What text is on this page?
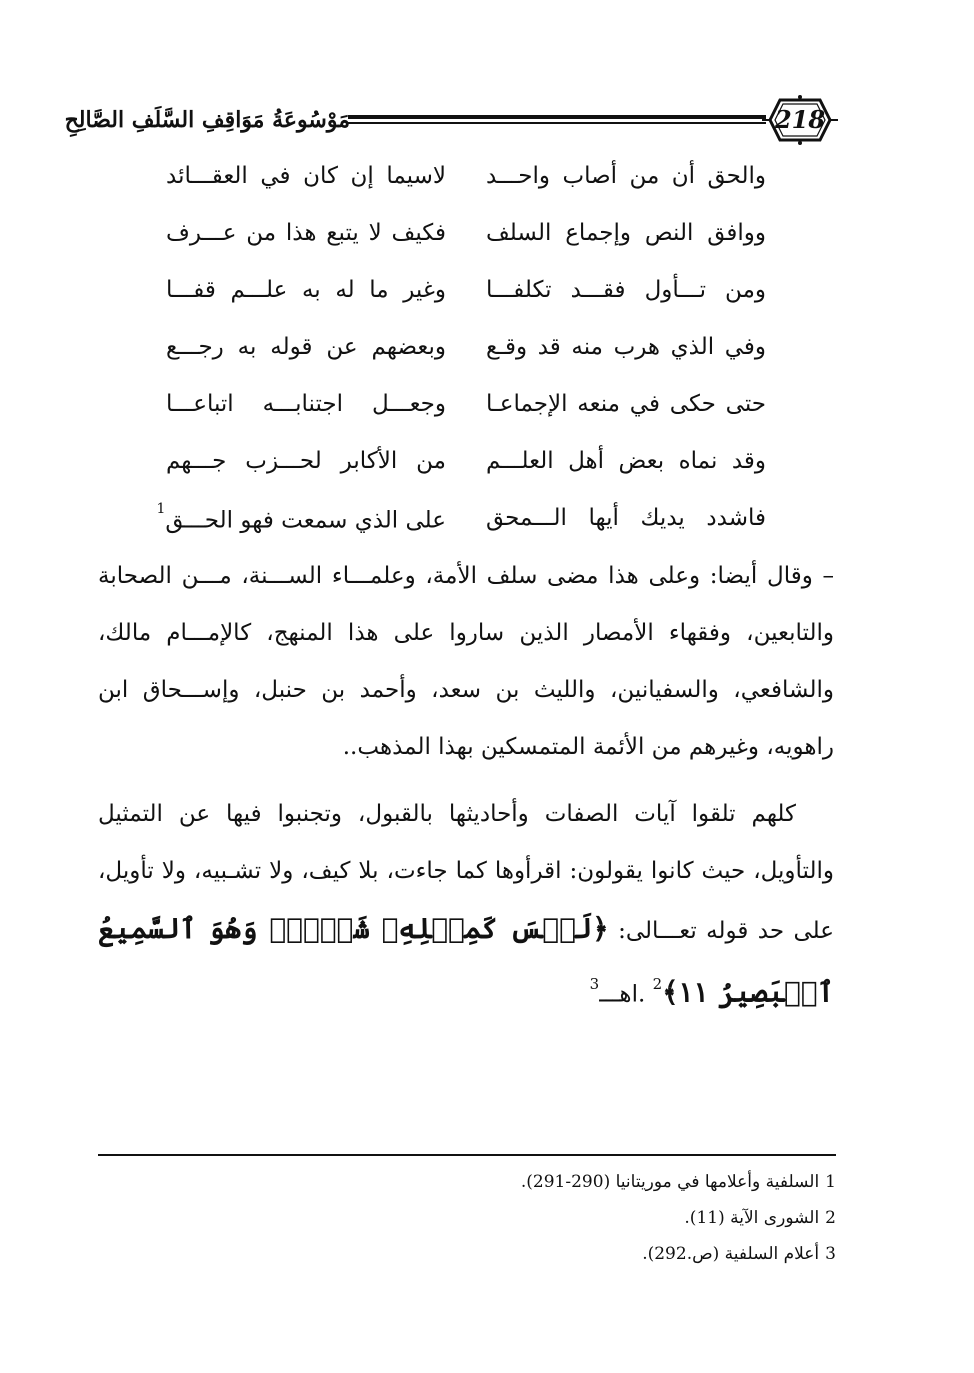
مَوْسُوعَةُ مَوَاقِفِ السَّلَفِ الصَّالِحِ	218
والحق أن من أصاب واحـــد
لاسيما إن كان في العقـــائد
ووافق النص وإجماع السلف
فكيف لا يتبع هذا من عـــرف
ومن تـــأول فقـــد تكلفـــا
وغير ما له به علـــم قفـــا
وفي الذي هرب منه قد وقـع
وبعضهم عن قوله به رجـــع
حتى حكى في منعه الإجماعـا
وجعـــل اجتنابـــه اتباعـــا
وقد نماه بعض أهل العلـــم
من الأكابر لحـــزب جـــهم
فاشدد يديك أيها الـــمحق
على الذي سمعت فهو الحـــق$^1$

– وقال أيضا: وعلى هذا مضى سلف الأمة، وعلمـــاء الســـنة، مـــن الصحابة والتابعين، وفقهاء الأمصار الذين ساروا على هذا المنهج، كالإمـــام مالك، والشافعي، والسفيانين، والليث بن سعد، وأحمد بن حنبل، وإســـحاق ابن راهويه، وغيرهم من الأئمة المتمسكين بهذا المذهب..

كلهم تلقوا آيات الصفات وأحاديثها بالقبول، وتجنبوا فيها عن التمثيل والتأويل، حيث كانوا يقولون: اقرأوها كما جاءت، بلا كيف، ولا تشـبيه، ولا تأويل، على حد قوله تعـــالى: ﴿لَيۡسَ كَمِثۡلِهِۦ شَيۡءٞۖ وَهُوَ ٱلسَّمِيعُ ٱلۡبَصِيرُ ١١﴾$^2$ .اهـــ$^3$

1السلفية وأعلامها في موريتانيا (290-291).
2الشورى الآية (11).
3أعلام السلفية (ص.292).
